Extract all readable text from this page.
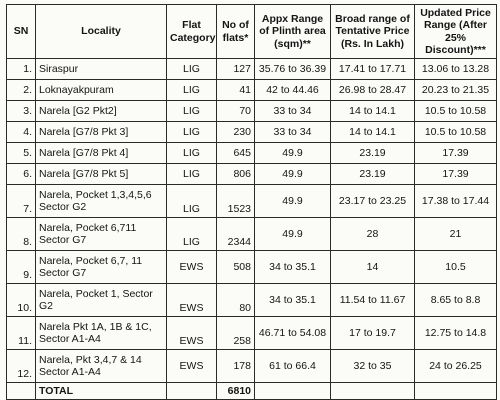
SN	Locality	Flat Category	No of flats*	Appx Range of Plinth area (sqm)**	Broad range of Tentative Price (Rs. In Lakh)	Updated Price Range (After 25% Discount)***
1.	Siraspur	LIG	127	35.76 to 36.39	17.41 to 17.71	13.06 to 13.28
2.	Loknayakpuram	LIG	41	42 to 44.46	26.98 to 28.47	20.23 to 21.35
3.	Narela [G2 Pkt2]	LIG	70	33 to 34	14 to 14.1	10.5 to 10.58
4.	Narela [G7/8 Pkt 3]	LIG	230	33 to 34	14 to 14.1	10.5 to 10.58
5.	Narela [G7/8 Pkt 4]	LIG	645	49.9	23.19	17.39
6.	Narela [G7/8 Pkt 5]	LIG	806	49.9	23.19	17.39
7.	Narela, Pocket 1,3,4,5,6 Sector G2	LIG	1523	49.9	23.17 to 23.25	17.38 to 17.44
8.	Narela, Pocket 6,711 Sector G7	LIG	2344	49.9	28	21
9.	Narela, Pocket 6,7, 11 Sector G7	EWS	508	34 to 35.1	14	10.5
10.	Narela, Pocket 1, Sector G2	EWS	80	34 to 35.1	11.54 to 11.67	8.65 to 8.8
11.	Narela Pkt 1A, 1B & 1C, Sector A1-A4	EWS	258	46.71 to 54.08	17 to 19.7	12.75 to 14.8
12.	Narela, Pkt 3,4,7 & 14 Sector A1-A4	EWS	178	61 to 66.4	32 to 35	24 to 26.25
	TOTAL		6810			
